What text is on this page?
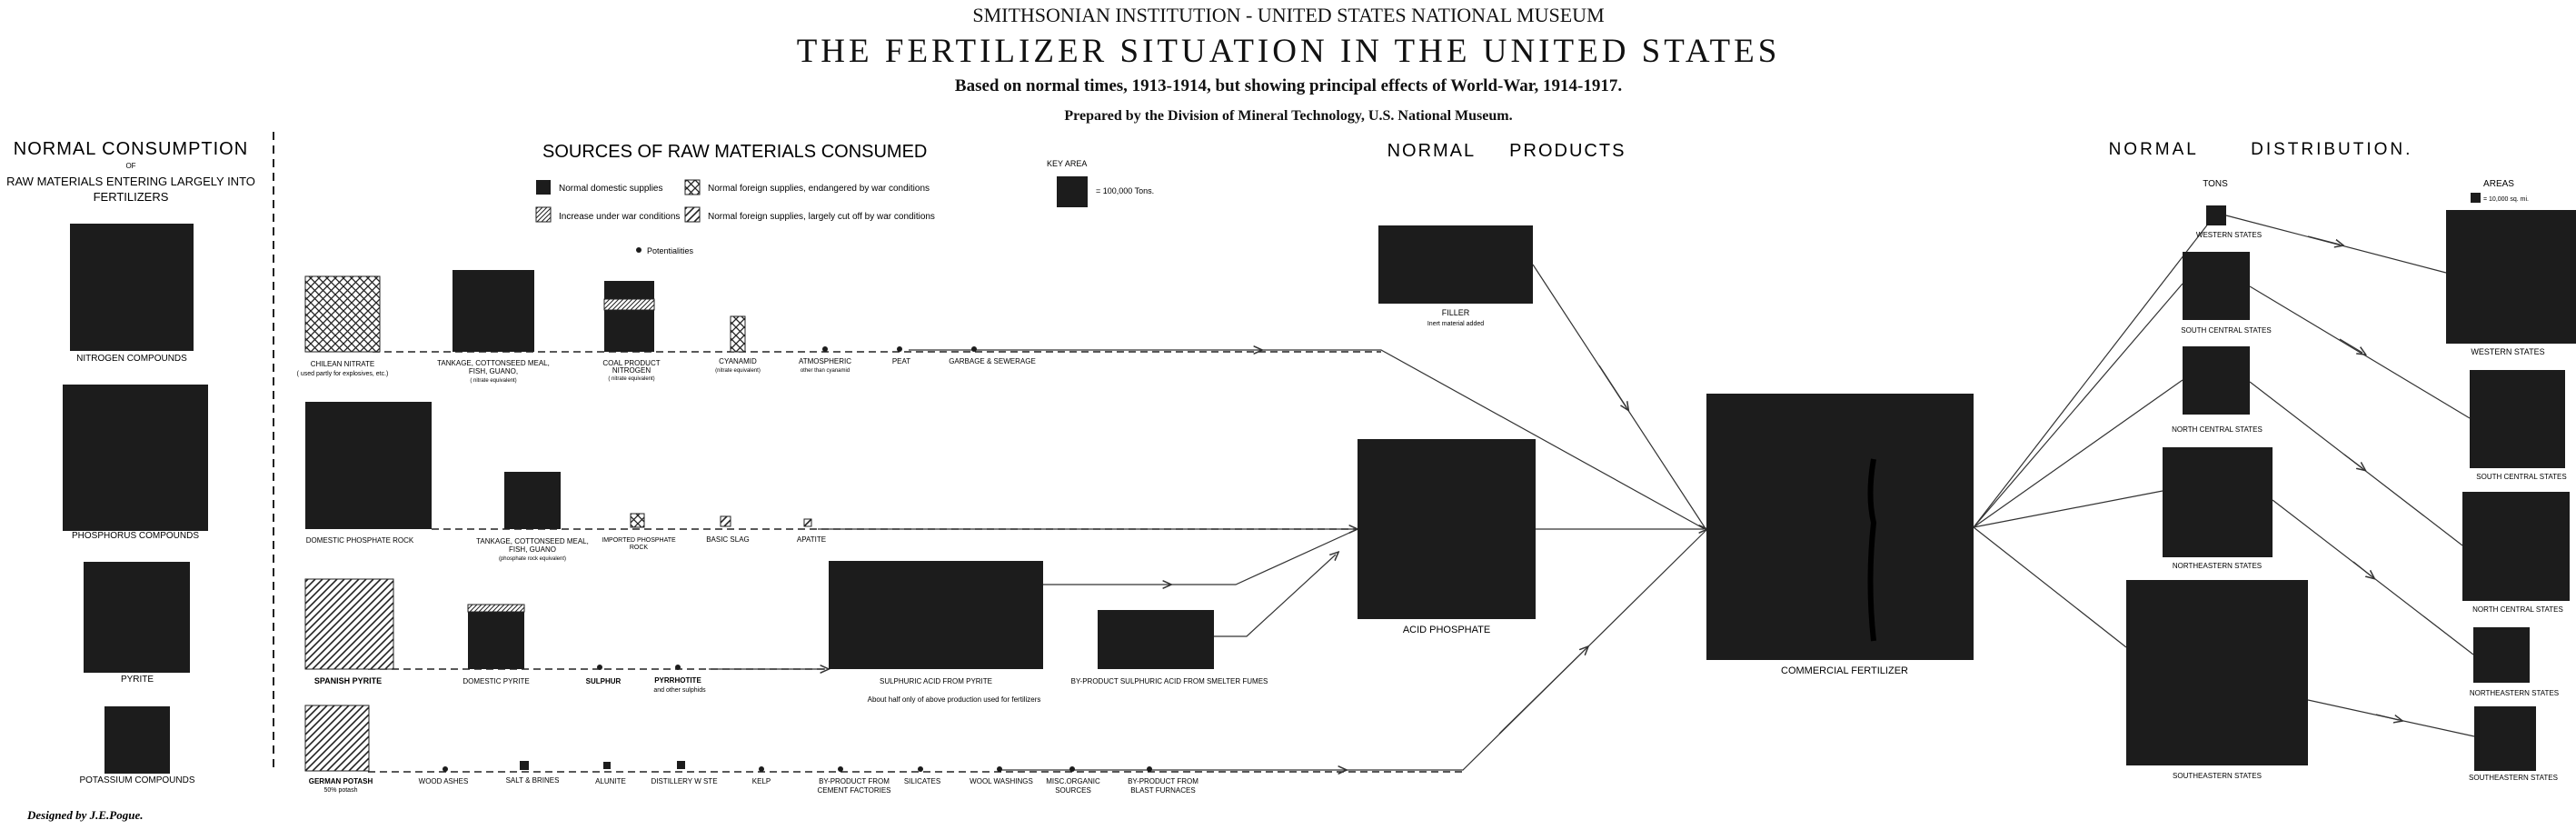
SMITHSONIAN INSTITUTION - UNITED STATES NATIONAL MUSEUM
THE FERTILIZER SITUATION IN THE UNITED STATES
Based on normal times, 1913-1914, but showing principal effects of World-War, 1914-1917.
Prepared by the Division of Mineral Technology, U.S. National Museum.
NORMAL CONSUMPTION
OF
RAW MATERIALS ENTERING LARGELY INTO
FERTILIZERS
NITROGEN COMPOUNDS
PHOSPHORUS COMPOUNDS
PYRITE
POTASSIUM COMPOUNDS
Designed by J.E.Pogue.
SOURCES OF RAW MATERIALS CONSUMED
Normal domestic supplies	Normal foreign supplies, endangered by war conditions
Increase under war conditions	Normal foreign supplies, largely cut off by war conditions
Potentialities
KEY AREA
= 100,000 Tons.
CHILEAN NITRATE
( used partly for explosives, etc.)
TANKAGE, COTTONSEED MEAL,
FISH, GUANO,
( nitrate equivalent)
COAL PRODUCT
NITROGEN
( nitrate equivalent)
CYANAMID
(nitrate equivalent)
ATMOSPHERIC
other than cyanamid
PEAT	GARBAGE & SEWERAGE
DOMESTIC PHOSPHATE ROCK	TANKAGE, COTTONSEED MEAL,
FISH, GUANO
(phosphate rock equivalent)
IMPORTED PHOSPHATE
ROCK
BASIC SLAG	APATITE
SPANISH PYRITE	DOMESTIC PYRITE	SULPHUR	PYRRHOTITE
and other sulphids
SULPHURIC ACID FROM PYRITE
About half only of above production used for fertilizers
BY-PRODUCT SULPHURIC ACID FROM SMELTER FUMES
GERMAN POTASH
50% potash
WOOD ASHES	SALT & BRINES	ALUNITE	DISTILLERY W STE	KELP	BY-PRODUCT FROM
CEMENT FACTORIES
SILICATES	WOOL WASHINGS MISC.ORGANIC
SOURCES
BY-PRODUCT FROM
BLAST FURNACES
NORMAL     PRODUCTS
FILLER
Inert material added
ACID PHOSPHATE
COMMERCIAL FERTILIZER
NORMAL       DISTRIBUTION.
TONS	AREAS
= 10,000 sq. mi.
WESTERN STATES
SOUTH CENTRAL STATES
NORTH CENTRAL STATES
NORTHEASTERN STATES
SOUTHEASTERN STATES
WESTERN STATES
SOUTH CENTRAL STATES
NORTH CENTRAL STATES
NORTHEASTERN STATES
SOUTHEASTERN STATES
